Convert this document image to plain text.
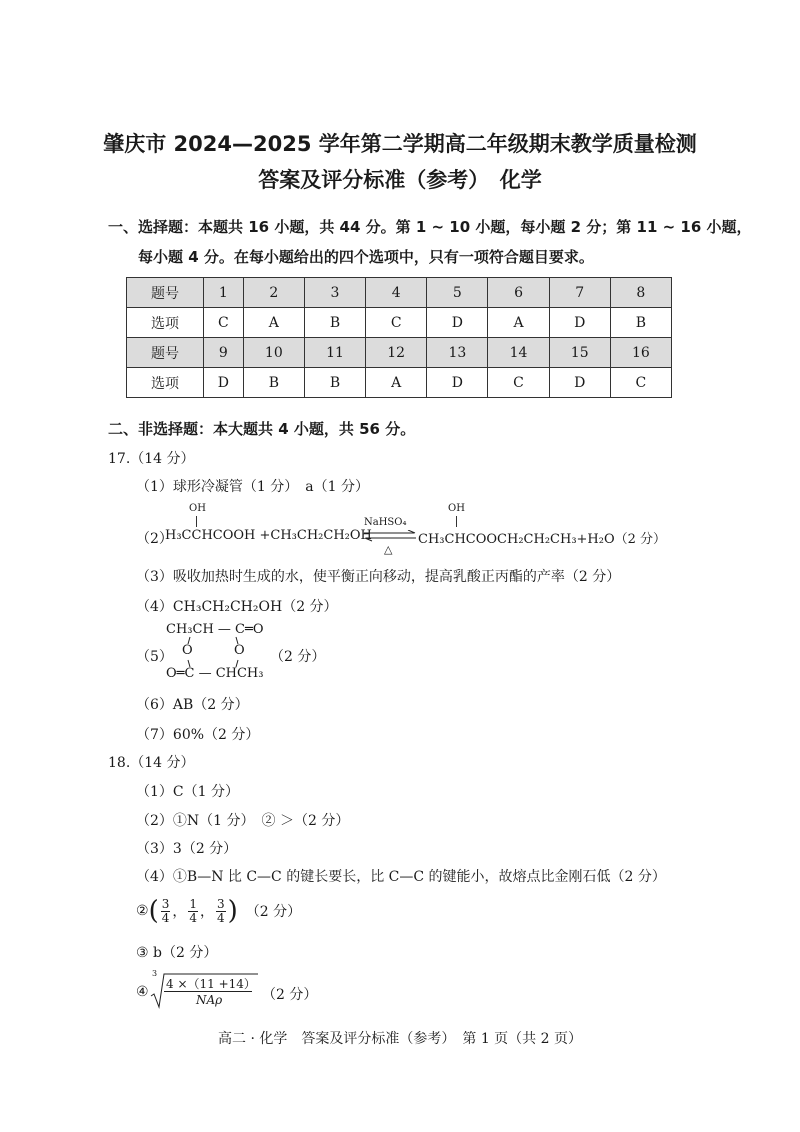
肇庆市 2024—2025 学年第二学期高二年级期末教学质量检测
答案及评分标准（参考）　化学
一、选择题：本题共 16 小题，共 44 分。第 1 ~ 10 小题，每小题 2 分；第 11 ~ 16 小题，
每小题 4 分。在每小题给出的四个选项中，只有一项符合题目要求。
题号	1	2	3	4	5	6	7	8
选项	C	A	B	C	D	A	D	B
题号	9	10	11	12	13	14	15	16
选项	D	B	B	A	D	C	D	C
二、非选择题：本大题共 4 小题，共 56 分。
17.（14 分）
（1）球形冷凝管（1 分）　a（1 分）
OH	OH
（2）
H₃CCHCOOH +CH₃CH₂CH₂OH
NaHSO₄
△
CH₃CHCOOCH₂CH₂CH₃+H₂O（2 分）
（3）吸收加热时生成的水，使平衡正向移动，提高乳酸正丙酯的产率（2 分）
（4）CH₃CH₂CH₂OH（2 分）
（5）
CH₃CH — C═O
O	O
O═C — CHCH₃
（2 分）
（6）AB（2 分）
（7）60%（2 分）
18.（14 分）
（1）C（1 分）
（2）①N（1 分）　② ＞（2 分）
（3）3（2 分）
（4）①B—N 比 C—C 的键长要长，比 C—C 的键能小，故熔点比金刚石低（2 分）
② ( $\frac{3}{4}$ ， $\frac{1}{4}$ ， $\frac{3}{4}$ ) （2 分）
③ b（2 分）
④
3
4 ×（11 +14）
NAρ	（2 分）
高二 · 化学　答案及评分标准（参考）　第 1 页（共 2 页）
